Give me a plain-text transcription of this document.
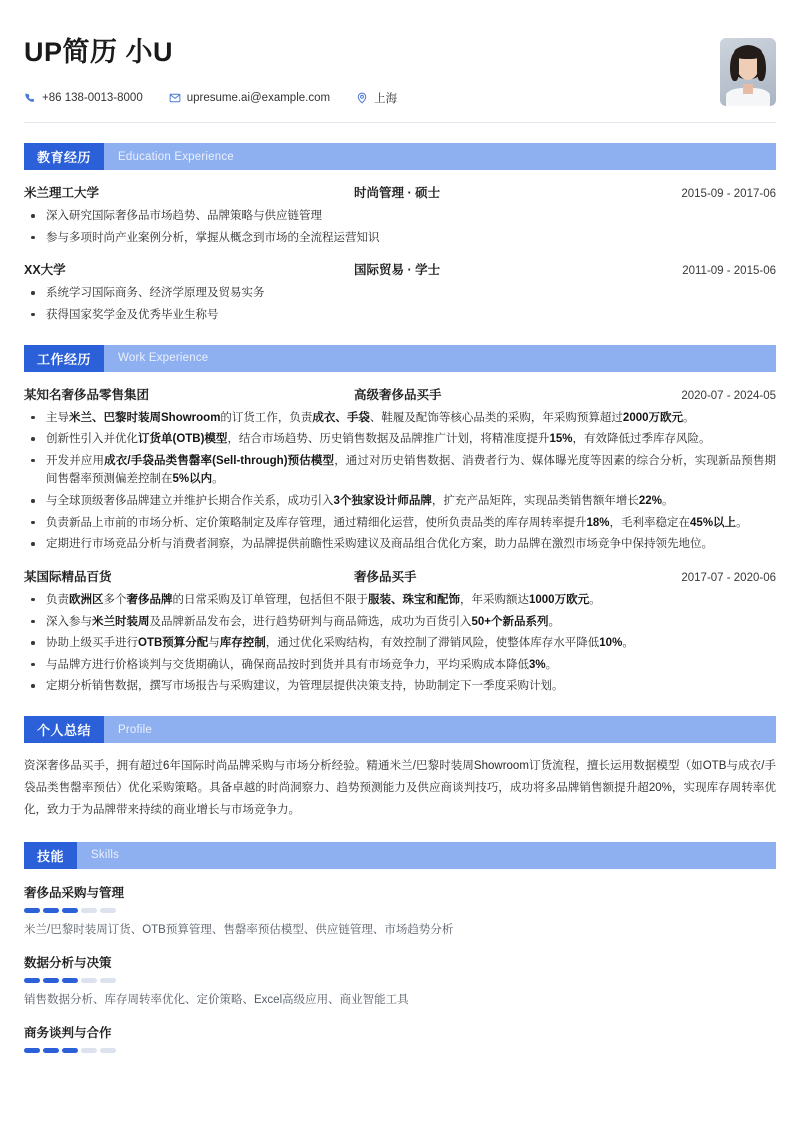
UP简历 小U
+86 138-0013-8000	upresume.ai@example.com	上海
教育经历	Education Experience
米兰理工大学	时尚管理 · 硕士	2015-09 - 2017-06
深入研究国际奢侈品市场趋势、品牌策略与供应链管理
参与多项时尚产业案例分析，掌握从概念到市场的全流程运营知识
XX大学	国际贸易 · 学士	2011-09 - 2015-06
系统学习国际商务、经济学原理及贸易实务
获得国家奖学金及优秀毕业生称号
工作经历	Work Experience
某知名奢侈品零售集团	高级奢侈品买手	2020-07 - 2024-05
主导米兰、巴黎时装周Showroom的订货工作，负责成衣、手袋、鞋履及配饰等核心品类的采购，年采购预算超过2000万欧元。
创新性引入并优化订货单(OTB)模型，结合市场趋势、历史销售数据及品牌推广计划，将精准度提升15%，有效降低过季库存风险。
开发并应用成衣/手袋品类售罄率(Sell-through)预估模型，通过对历史销售数据、消费者行为、媒体曝光度等因素的综合分析，实现新品预售期间售罄率预测偏差控制在5%以内。
与全球顶级奢侈品牌建立并维护长期合作关系，成功引入3个独家设计师品牌，扩充产品矩阵，实现品类销售额年增长22%。
负责新品上市前的市场分析、定价策略制定及库存管理，通过精细化运营，使所负责品类的库存周转率提升18%，毛利率稳定在45%以上。
定期进行市场竞品分析与消费者洞察，为品牌提供前瞻性采购建议及商品组合优化方案，助力品牌在激烈市场竞争中保持领先地位。
某国际精品百货	奢侈品买手	2017-07 - 2020-06
负责欧洲区多个奢侈品牌的日常采购及订单管理，包括但不限于服装、珠宝和配饰，年采购额达1000万欧元。
深入参与米兰时装周及品牌新品发布会，进行趋势研判与商品筛选，成功为百货引入50+个新品系列。
协助上级买手进行OTB预算分配与库存控制，通过优化采购结构，有效控制了滞销风险，使整体库存水平降低10%。
与品牌方进行价格谈判与交货期确认，确保商品按时到货并具有市场竞争力，平均采购成本降低3%。
定期分析销售数据，撰写市场报告与采购建议，为管理层提供决策支持，协助制定下一季度采购计划。
个人总结	Profile
资深奢侈品买手，拥有超过6年国际时尚品牌采购与市场分析经验。精通米兰/巴黎时装周Showroom订货流程，擅长运用数据模型（如OTB与成衣/手袋品类售罄率预估）优化采购策略。具备卓越的时尚洞察力、趋势预测能力及供应商谈判技巧，成功将多品牌销售额提升超20%，实现库存周转率优化，致力于为品牌带来持续的商业增长与市场竞争力。
技能	Skills
奢侈品采购与管理
米兰/巴黎时装周订货、OTB预算管理、售罄率预估模型、供应链管理、市场趋势分析
数据分析与决策
销售数据分析、库存周转率优化、定价策略、Excel高级应用、商业智能工具
商务谈判与合作
